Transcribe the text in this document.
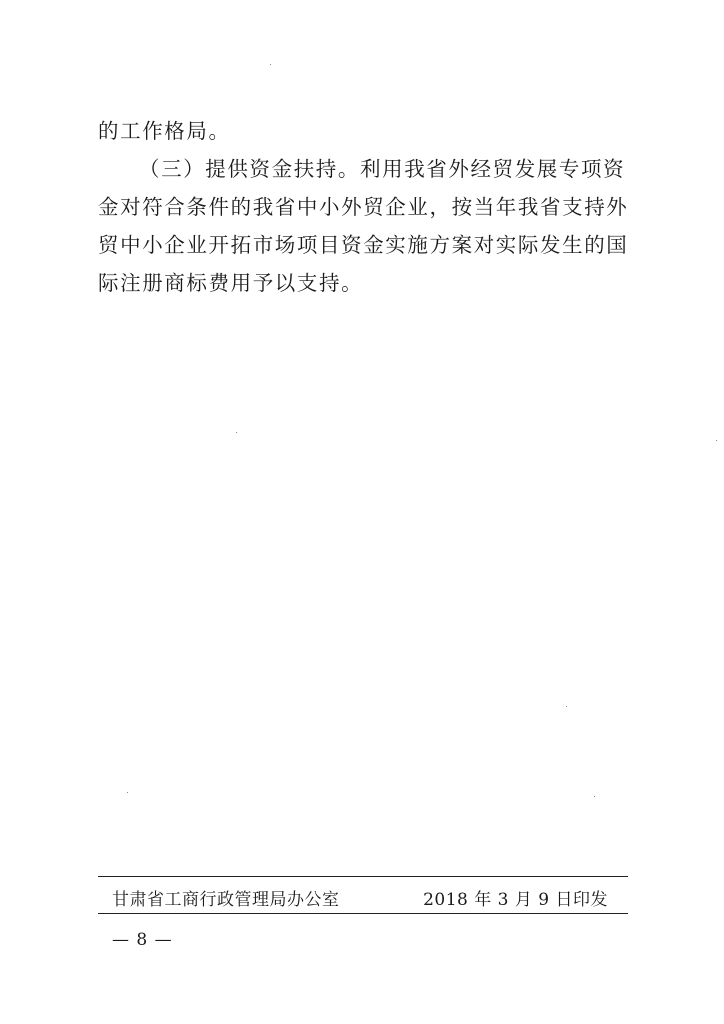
的工作格局。

（三）提供资金扶持。利用我省外经贸发展专项资金对符合条件的我省中小外贸企业，按当年我省支持外贸中小企业开拓市场项目资金实施方案对实际发生的国际注册商标费用予以支持。

甘肃省工商行政管理局办公室	2018 年 3 月 9 日印发
— 8 —
